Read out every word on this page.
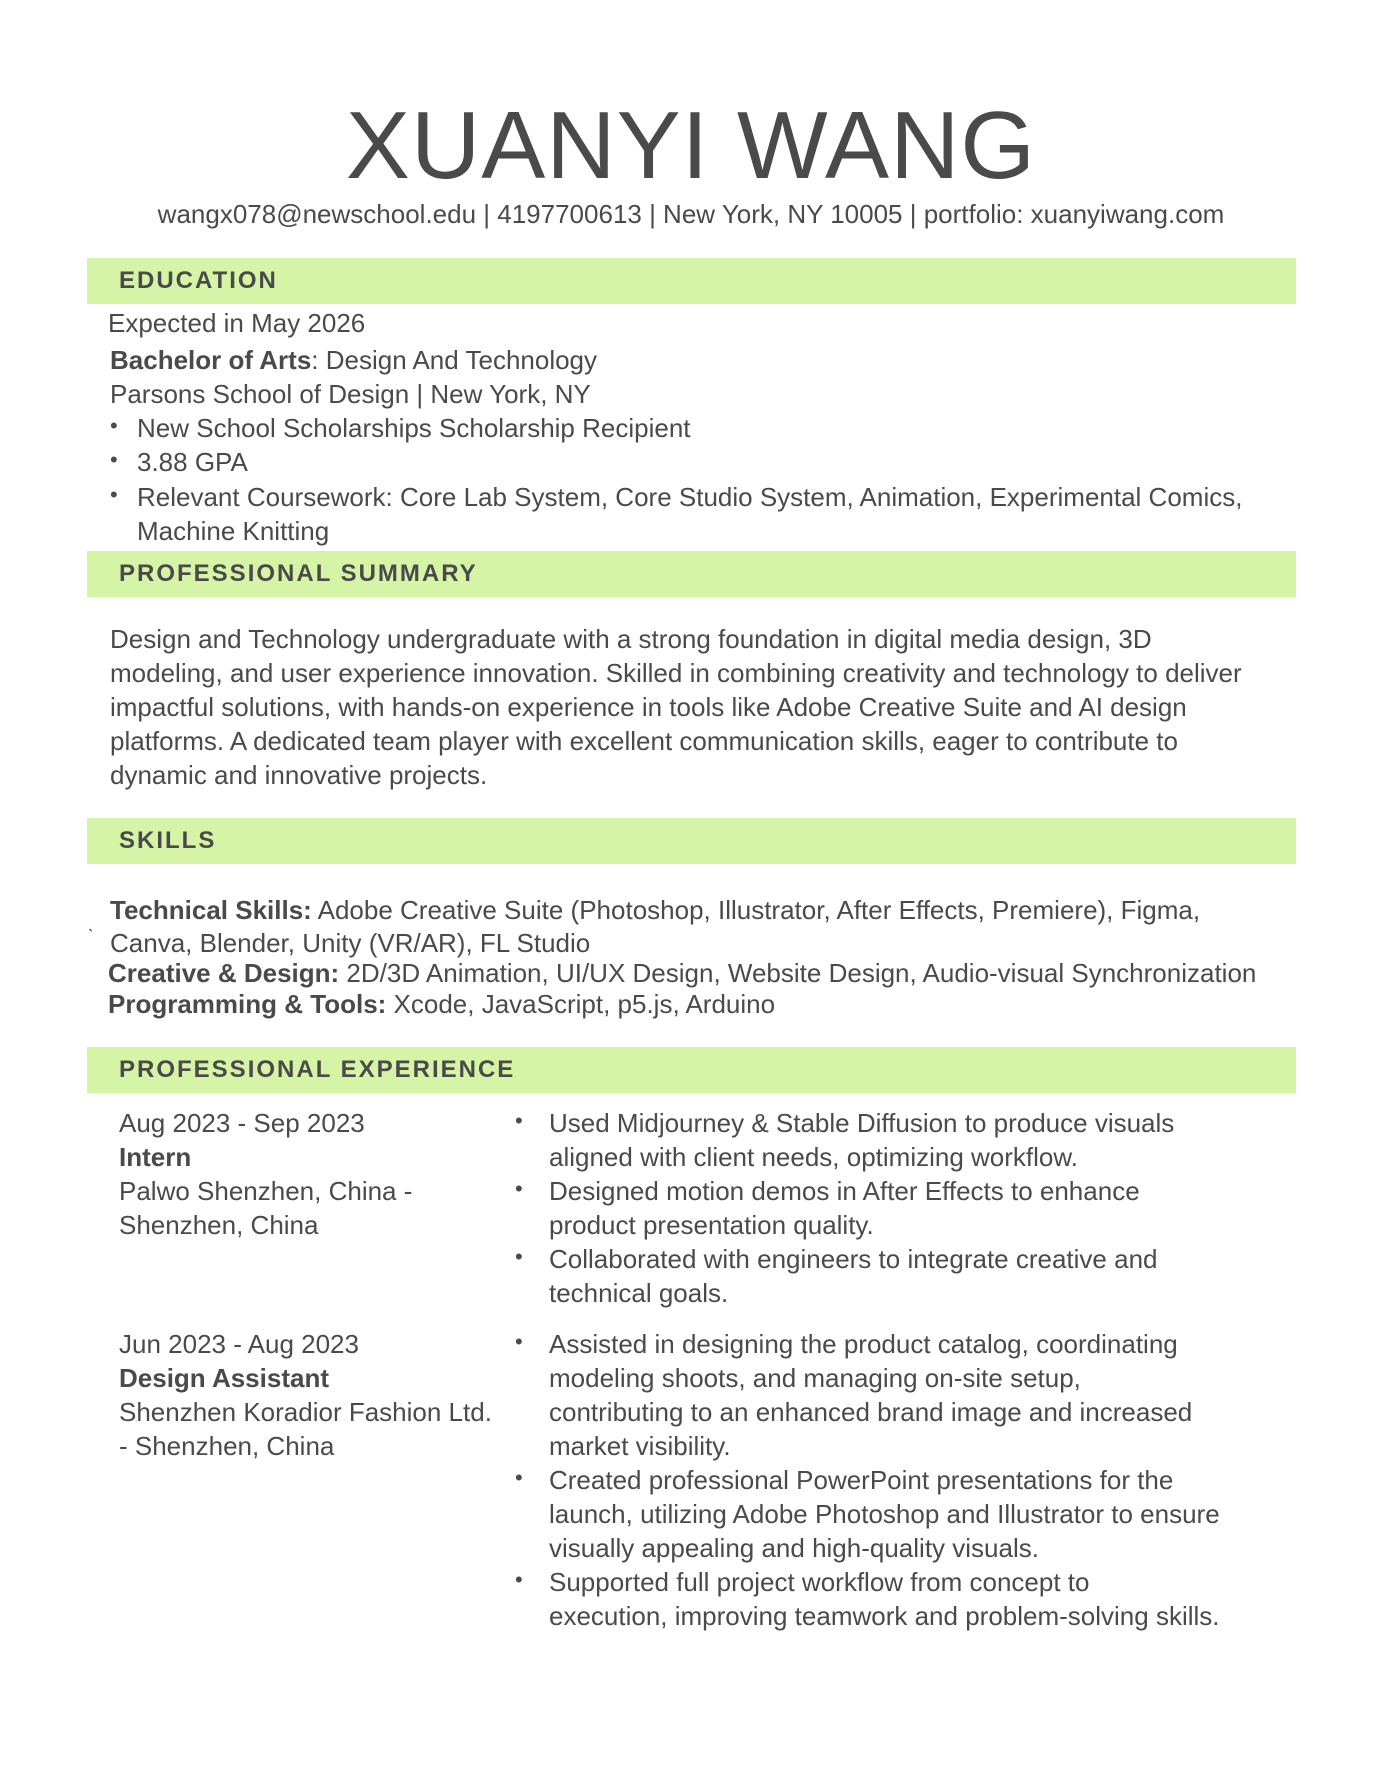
XUANYI WANG
wangx078@newschool.edu | 4197700613 | New York, NY 10005 | portfolio: xuanyiwang.com
EDUCATION
Expected in May 2026
Bachelor of Arts: Design And Technology
Parsons School of Design | New York, NY
• New School Scholarships Scholarship Recipient
• 3.88 GPA
• Relevant Coursework: Core Lab System, Core Studio System, Animation, Experimental Comics,
Machine Knitting
PROFESSIONAL SUMMARY
Design and Technology undergraduate with a strong foundation in digital media design, 3D modeling, and user experience innovation. Skilled in combining creativity and technology to deliver impactful solutions, with hands-on experience in tools like Adobe Creative Suite and AI design platforms. A dedicated team player with excellent communication skills, eager to contribute to dynamic and innovative projects.
SKILLS
ˎ Technical Skills: Adobe Creative Suite (Photoshop, Illustrator, After Effects, Premiere), Figma,
Canva, Blender, Unity (VR/AR), FL Studio
Creative & Design: 2D/3D Animation, UI/UX Design, Website Design, Audio-visual Synchronization
Programming & Tools: Xcode, JavaScript, p5.js, Arduino
PROFESSIONAL EXPERIENCE
Aug 2023 - Sep 2023
Intern
Palwo Shenzhen, China -
Shenzhen, China
• Used Midjourney & Stable Diffusion to produce visuals
aligned with client needs, optimizing workflow.
• Designed motion demos in After Effects to enhance
product presentation quality.
• Collaborated with engineers to integrate creative and
technical goals.
Jun 2023 - Aug 2023
Design Assistant
Shenzhen Koradior Fashion Ltd.
- Shenzhen, China
• Assisted in designing the product catalog, coordinating
modeling shoots, and managing on-site setup,
contributing to an enhanced brand image and increased
market visibility.
• Created professional PowerPoint presentations for the
launch, utilizing Adobe Photoshop and Illustrator to ensure
visually appealing and high-quality visuals.
• Supported full project workflow from concept to
execution, improving teamwork and problem-solving skills.
